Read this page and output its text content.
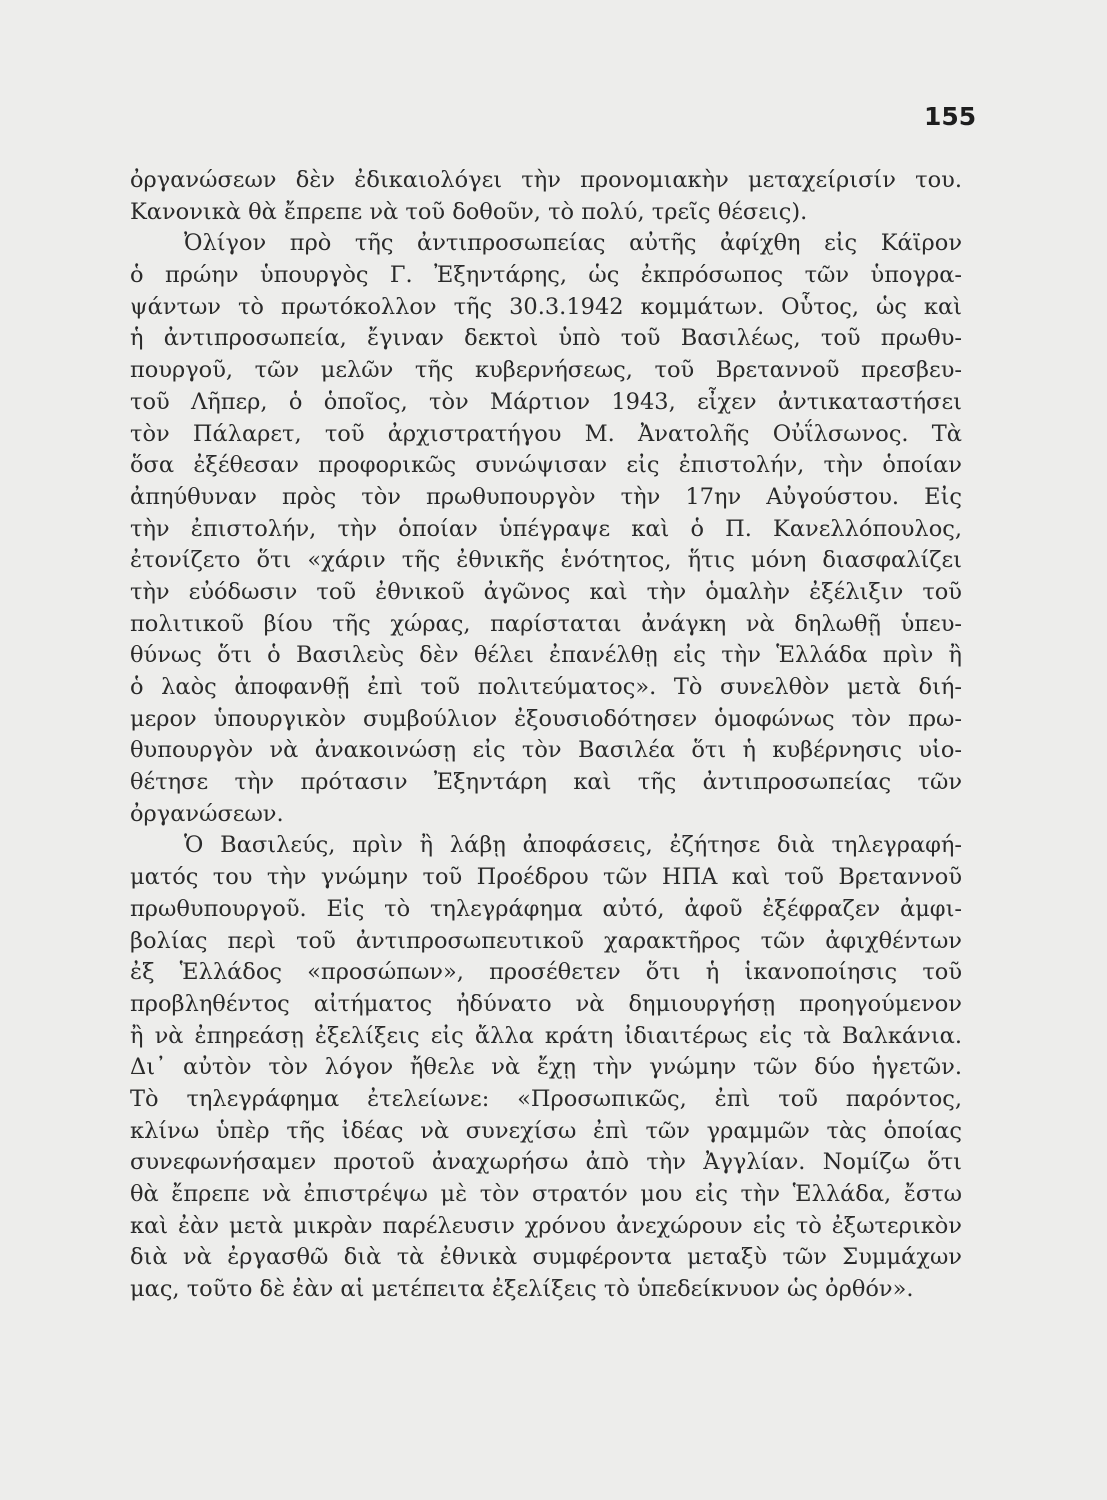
155
ὀργανώσεων δὲν ἐδικαιολόγει τὴν προνομιακὴν μεταχείρισίν του.
Κανονικὰ θὰ ἔπρεπε νὰ τοῦ δοθοῦν, τὸ πολύ, τρεῖς θέσεις).
Ὀλίγον πρὸ τῆς ἀντιπροσωπείας αὐτῆς ἀφίχθη εἰς Κάϊρον
ὁ πρώην ὑπουργὸς Γ. Ἐξηντάρης, ὡς ἐκπρόσωπος τῶν ὑπογρα-
ψάντων τὸ πρωτόκολλον τῆς 30.3.1942 κομμάτων. Οὗτος, ὡς καὶ
ἡ ἀντιπροσωπεία, ἔγιναν δεκτοὶ ὑπὸ τοῦ Βασιλέως, τοῦ πρωθυ-
πουργοῦ, τῶν μελῶν τῆς κυβερνήσεως, τοῦ Βρεταννοῦ πρεσβευ-
τοῦ Λῆπερ, ὁ ὁποῖος, τὸν Μάρτιον 1943, εἶχεν ἀντικαταστήσει
τὸν Πάλαρετ, τοῦ ἀρχιστρατήγου Μ. Ἀνατολῆς Οὐΐλσωνος. Τὰ
ὅσα ἐξέθεσαν προφορικῶς συνώψισαν εἰς ἐπιστολήν, τὴν ὁποίαν
ἀπηύθυναν πρὸς τὸν πρωθυπουργὸν τὴν 17ην Αὐγούστου. Εἰς
τὴν ἐπιστολήν, τὴν ὁποίαν ὑπέγραψε καὶ ὁ Π. Κανελλόπουλος,
ἐτονίζετο ὅτι «χάριν τῆς ἐθνικῆς ἑνότητος, ἥτις μόνη διασφαλίζει
τὴν εὐόδωσιν τοῦ ἐθνικοῦ ἀγῶνος καὶ τὴν ὁμαλὴν ἐξέλιξιν τοῦ
πολιτικοῦ βίου τῆς χώρας, παρίσταται ἀνάγκη νὰ δηλωθῇ ὑπευ-
θύνως ὅτι ὁ Βασιλεὺς δὲν θέλει ἐπανέλθῃ εἰς τὴν Ἑλλάδα πρὶν ἢ
ὁ λαὸς ἀποφανθῇ ἐπὶ τοῦ πολιτεύματος». Τὸ συνελθὸν μετὰ διή-
μερον ὑπουργικὸν συμβούλιον ἐξουσιοδότησεν ὁμοφώνως τὸν πρω-
θυπουργὸν νὰ ἀνακοινώσῃ εἰς τὸν Βασιλέα ὅτι ἡ κυβέρνησις υἱο-
θέτησε τὴν πρότασιν Ἐξηντάρη καὶ τῆς ἀντιπροσωπείας τῶν
ὀργανώσεων.
Ὁ Βασιλεύς, πρὶν ἢ λάβῃ ἀποφάσεις, ἐζήτησε διὰ τηλεγραφή-
ματός του τὴν γνώμην τοῦ Προέδρου τῶν ΗΠΑ καὶ τοῦ Βρεταννοῦ
πρωθυπουργοῦ. Εἰς τὸ τηλεγράφημα αὐτό, ἀφοῦ ἐξέφραζεν ἀμφι-
βολίας περὶ τοῦ ἀντιπροσωπευτικοῦ χαρακτῆρος τῶν ἀφιχθέντων
ἐξ Ἑλλάδος «προσώπων», προσέθετεν ὅτι ἡ ἱκανοποίησις τοῦ
προβληθέντος αἰτήματος ἠδύνατο νὰ δημιουργήσῃ προηγούμενον
ἢ νὰ ἐπηρεάσῃ ἐξελίξεις εἰς ἄλλα κράτη ἰδιαιτέρως εἰς τὰ Βαλκάνια.
Δι᾽ αὐτὸν τὸν λόγον ἤθελε νὰ ἔχῃ τὴν γνώμην τῶν δύο ἡγετῶν.
Τὸ τηλεγράφημα ἐτελείωνε: «Προσωπικῶς, ἐπὶ τοῦ παρόντος,
κλίνω ὑπὲρ τῆς ἰδέας νὰ συνεχίσω ἐπὶ τῶν γραμμῶν τὰς ὁποίας
συνεφωνήσαμεν προτοῦ ἀναχωρήσω ἀπὸ τὴν Ἀγγλίαν. Νομίζω ὅτι
θὰ ἔπρεπε νὰ ἐπιστρέψω μὲ τὸν στρατόν μου εἰς τὴν Ἑλλάδα, ἔστω
καὶ ἐὰν μετὰ μικρὰν παρέλευσιν χρόνου ἀνεχώρουν εἰς τὸ ἐξωτερικὸν
διὰ νὰ ἐργασθῶ διὰ τὰ ἐθνικὰ συμφέροντα μεταξὺ τῶν Συμμάχων
μας, τοῦτο δὲ ἐὰν αἱ μετέπειτα ἐξελίξεις τὸ ὑπεδείκνυον ὡς ὀρθόν».
